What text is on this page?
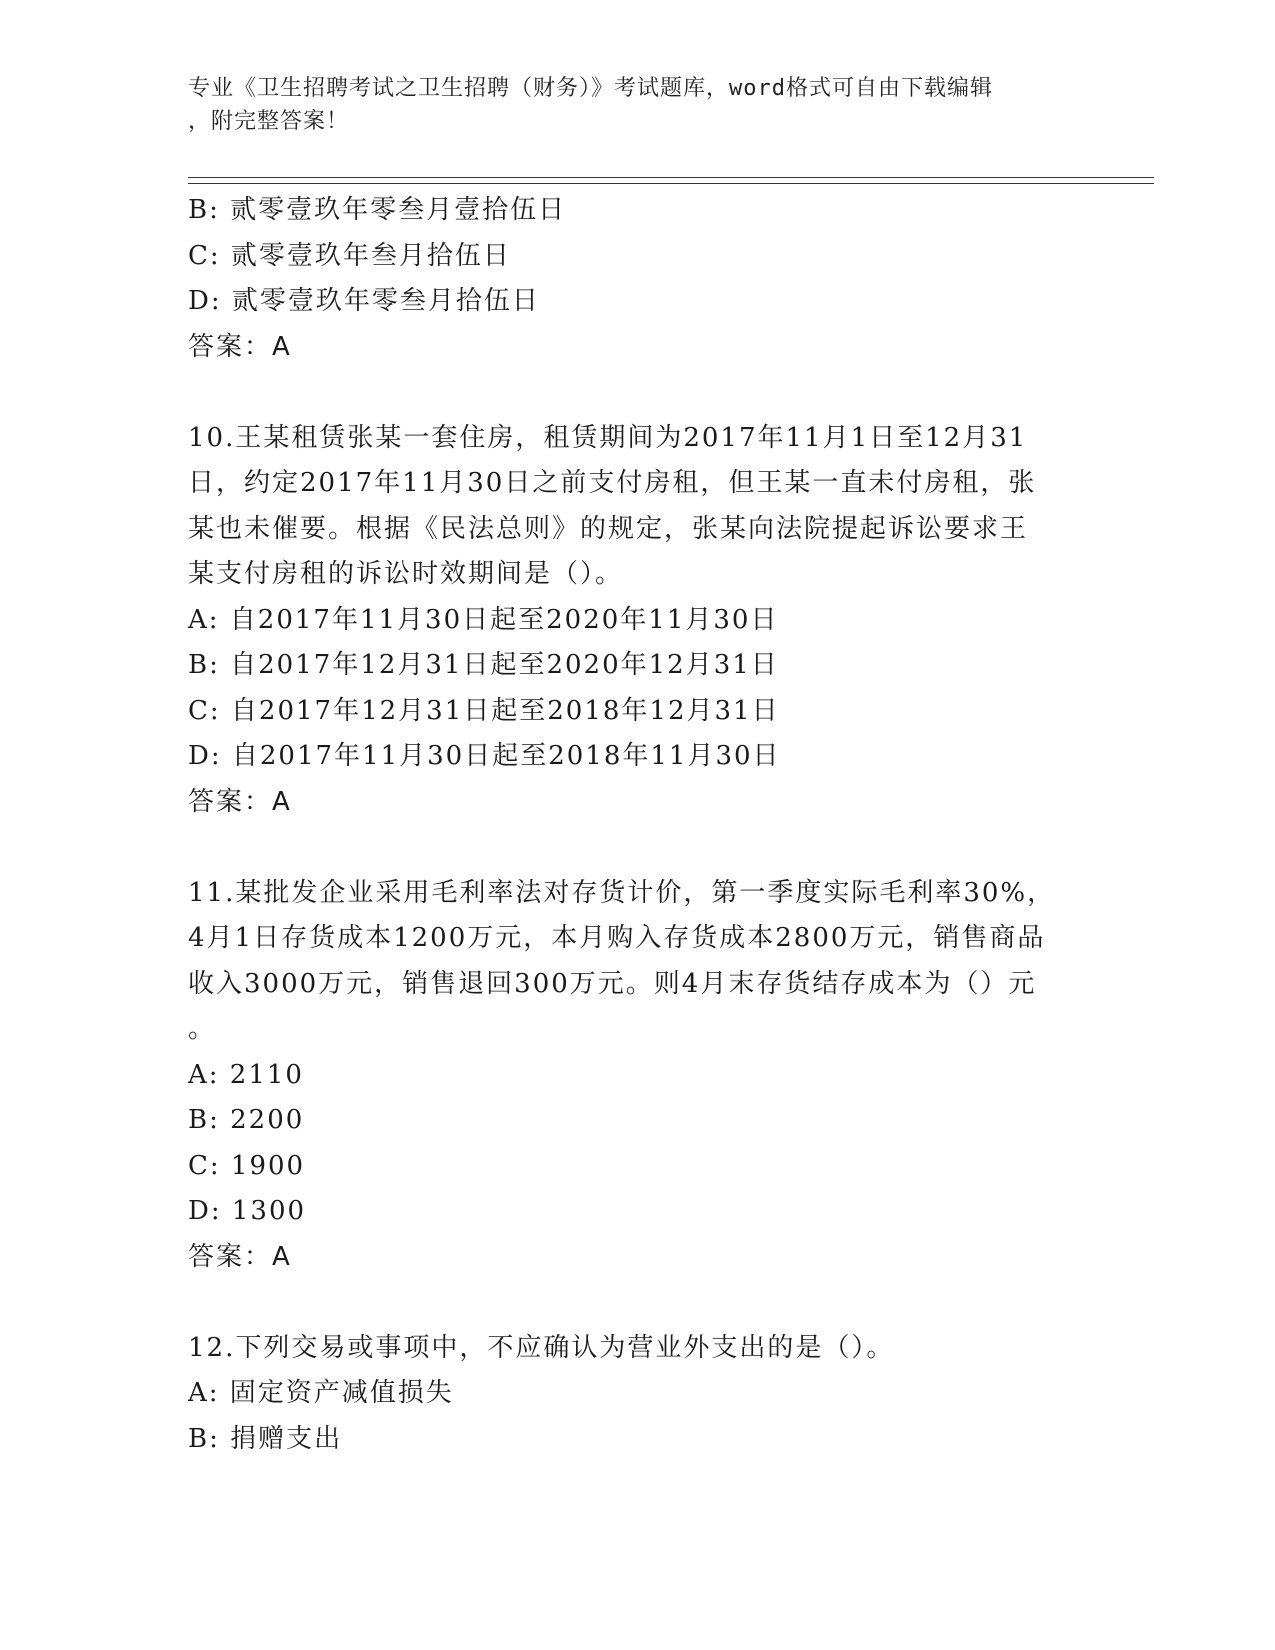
专业《卫生招聘考试之卫生招聘（财务）》考试题库，word格式可自由下载编辑
，附完整答案！
B: 贰零壹玖年零叁月壹拾伍日
C: 贰零壹玖年叁月拾伍日
D: 贰零壹玖年零叁月拾伍日
答案：A
10.王某租赁张某一套住房，租赁期间为2017年11月1日至12月31
日，约定2017年11月30日之前支付房租，但王某一直未付房租，张
某也未催要。根据《民法总则》的规定，张某向法院提起诉讼要求王
某支付房租的诉讼时效期间是（）。
A: 自2017年11月30日起至2020年11月30日
B: 自2017年12月31日起至2020年12月31日
C: 自2017年12月31日起至2018年12月31日
D: 自2017年11月30日起至2018年11月30日
答案：A
11.某批发企业采用毛利率法对存货计价，第一季度实际毛利率30%，
4月1日存货成本1200万元，本月购入存货成本2800万元，销售商品
收入3000万元，销售退回300万元。则4月末存货结存成本为（）元
。
A: 2110
B: 2200
C: 1900
D: 1300
答案：A
12.下列交易或事项中，不应确认为营业外支出的是（）。
A: 固定资产减值损失
B: 捐赠支出
